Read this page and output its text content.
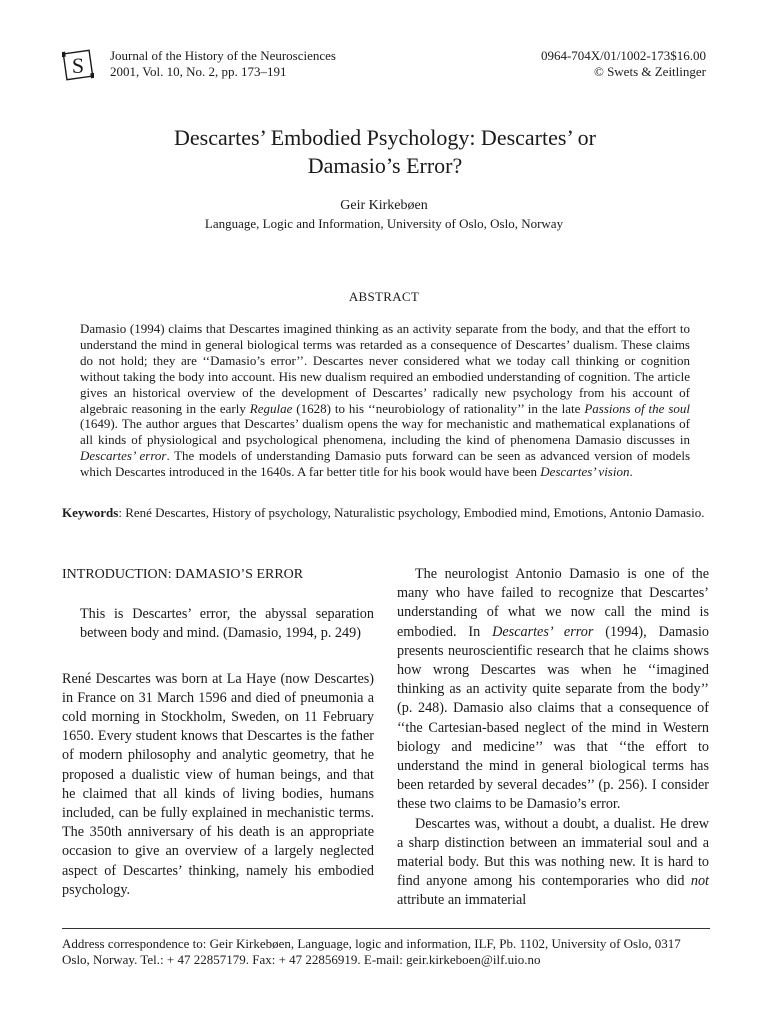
S Journal of the History of the Neurosciences
2001, Vol. 10, No. 2, pp. 173–191
0964-704X/01/1002-173$16.00
© Swets & Zeitlinger
Descartes’ Embodied Psychology: Descartes’ or
Damasio’s Error?
Geir Kirkebøen
Language, Logic and Information, University of Oslo, Oslo, Norway
ABSTRACT
Damasio (1994) claims that Descartes imagined thinking as an activity separate from the body, and that the effort to understand the mind in general biological terms was retarded as a consequence of Descartes’ dualism. These claims do not hold; they are ‘‘Damasio’s error’’. Descartes never considered what we today call thinking or cognition without taking the body into account. His new dualism required an embodied understanding of cognition. The article gives an historical overview of the development of Descartes’ radically new psychology from his account of algebraic reasoning in the early Regulae (1628) to his ‘‘neurobiology of rationality’’ in the late Passions of the soul (1649). The author argues that Descartes’ dualism opens the way for mechanistic and mathematical explanations of all kinds of physiological and psychological phenomena, including the kind of phenomena Damasio discusses in Descartes’ error. The models of understanding Damasio puts forward can be seen as advanced version of models which Descartes introduced in the 1640s. A far better title for his book would have been Descartes’ vision.
Keywords: René Descartes, History of psychology, Naturalistic psychology, Embodied mind, Emotions, Antonio Damasio.
INTRODUCTION: DAMASIO’S ERROR

This is Descartes’ error, the abyssal separation between body and mind. (Damasio, 1994, p. 249)

René Descartes was born at La Haye (now Descartes) in France on 31 March 1596 and died of pneumonia a cold morning in Stockholm, Sweden, on 11 February 1650. Every student knows that Descartes is the father of modern philosophy and analytic geometry, that he proposed a dualistic view of human beings, and that he claimed that all kinds of living bodies, humans included, can be fully explained in mechanistic terms. The 350th anniversary of his death is an appropriate occasion to give an overview of a largely neglected aspect of Descartes’ thinking, namely his embodied psychology.

The neurologist Antonio Damasio is one of the many who have failed to recognize that Descartes’ understanding of what we now call the mind is embodied. In Descartes’ error (1994), Damasio presents neuroscientific research that he claims shows how wrong Descartes was when he ‘‘imagined thinking as an activity quite separate from the body’’ (p. 248). Damasio also claims that a consequence of ‘‘the Cartesian-based neglect of the mind in Western biology and medicine’’ was that ‘‘the effort to understand the mind in general biological terms has been retarded by several decades’’ (p. 256). I consider these two claims to be Damasio’s error.

Descartes was, without a doubt, a dualist. He drew a sharp distinction between an immaterial soul and a material body. But this was nothing new. It is hard to find anyone among his contemporaries who did not attribute an immaterial

Address correspondence to: Geir Kirkebøen, Language, logic and information, ILF, Pb. 1102, University of Oslo, 0317 Oslo, Norway. Tel.: + 47 22857179. Fax: + 47 22856919. E-mail: geir.kirkeboen@ilf.uio.no
